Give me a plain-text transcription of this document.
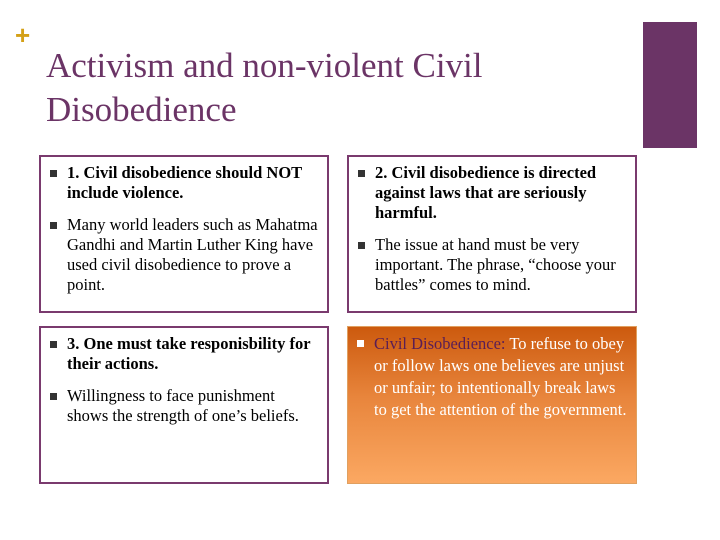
+
Activism and non-violent Civil Disobedience
1. Civil disobedience should NOT include violence.
Many world leaders such as Mahatma Gandhi and Martin Luther King have used civil disobedience to prove a point.
2. Civil disobedience is directed against laws that are seriously harmful.
The issue at hand must be very important. The phrase, “choose your battles” comes to mind.
3. One must take responisbility for their actions.
Willingness to face punishment shows the strength of one’s beliefs.
Civil Disobedience: To refuse to obey or follow laws one believes are unjust or unfair; to intentionally break laws to get the attention of the government.
